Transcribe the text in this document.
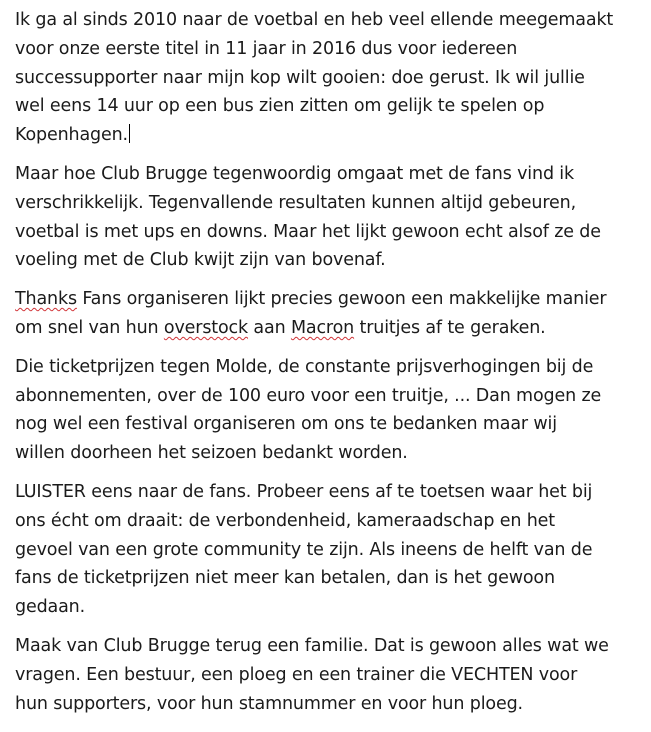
Ik ga al sinds 2010 naar de voetbal en heb veel ellende meegemaakt
voor onze eerste titel in 11 jaar in 2016 dus voor iedereen
successupporter naar mijn kop wilt gooien: doe gerust. Ik wil jullie
wel eens 14 uur op een bus zien zitten om gelijk te spelen op
Kopenhagen.

Maar hoe Club Brugge tegenwoordig omgaat met de fans vind ik
verschrikkelijk. Tegenvallende resultaten kunnen altijd gebeuren,
voetbal is met ups en downs. Maar het lijkt gewoon echt alsof ze de
voeling met de Club kwijt zijn van bovenaf.

Thanks Fans organiseren lijkt precies gewoon een makkelijke manier
om snel van hun overstock aan Macron truitjes af te geraken.

Die ticketprijzen tegen Molde, de constante prijsverhogingen bij de
abonnementen, over de 100 euro voor een truitje, ... Dan mogen ze
nog wel een festival organiseren om ons te bedanken maar wij
willen doorheen het seizoen bedankt worden.

LUISTER eens naar de fans. Probeer eens af te toetsen waar het bij
ons écht om draait: de verbondenheid, kameraadschap en het
gevoel van een grote community te zijn. Als ineens de helft van de
fans de ticketprijzen niet meer kan betalen, dan is het gewoon
gedaan.

Maak van Club Brugge terug een familie. Dat is gewoon alles wat we
vragen. Een bestuur, een ploeg en een trainer die VECHTEN voor
hun supporters, voor hun stamnummer en voor hun ploeg.
